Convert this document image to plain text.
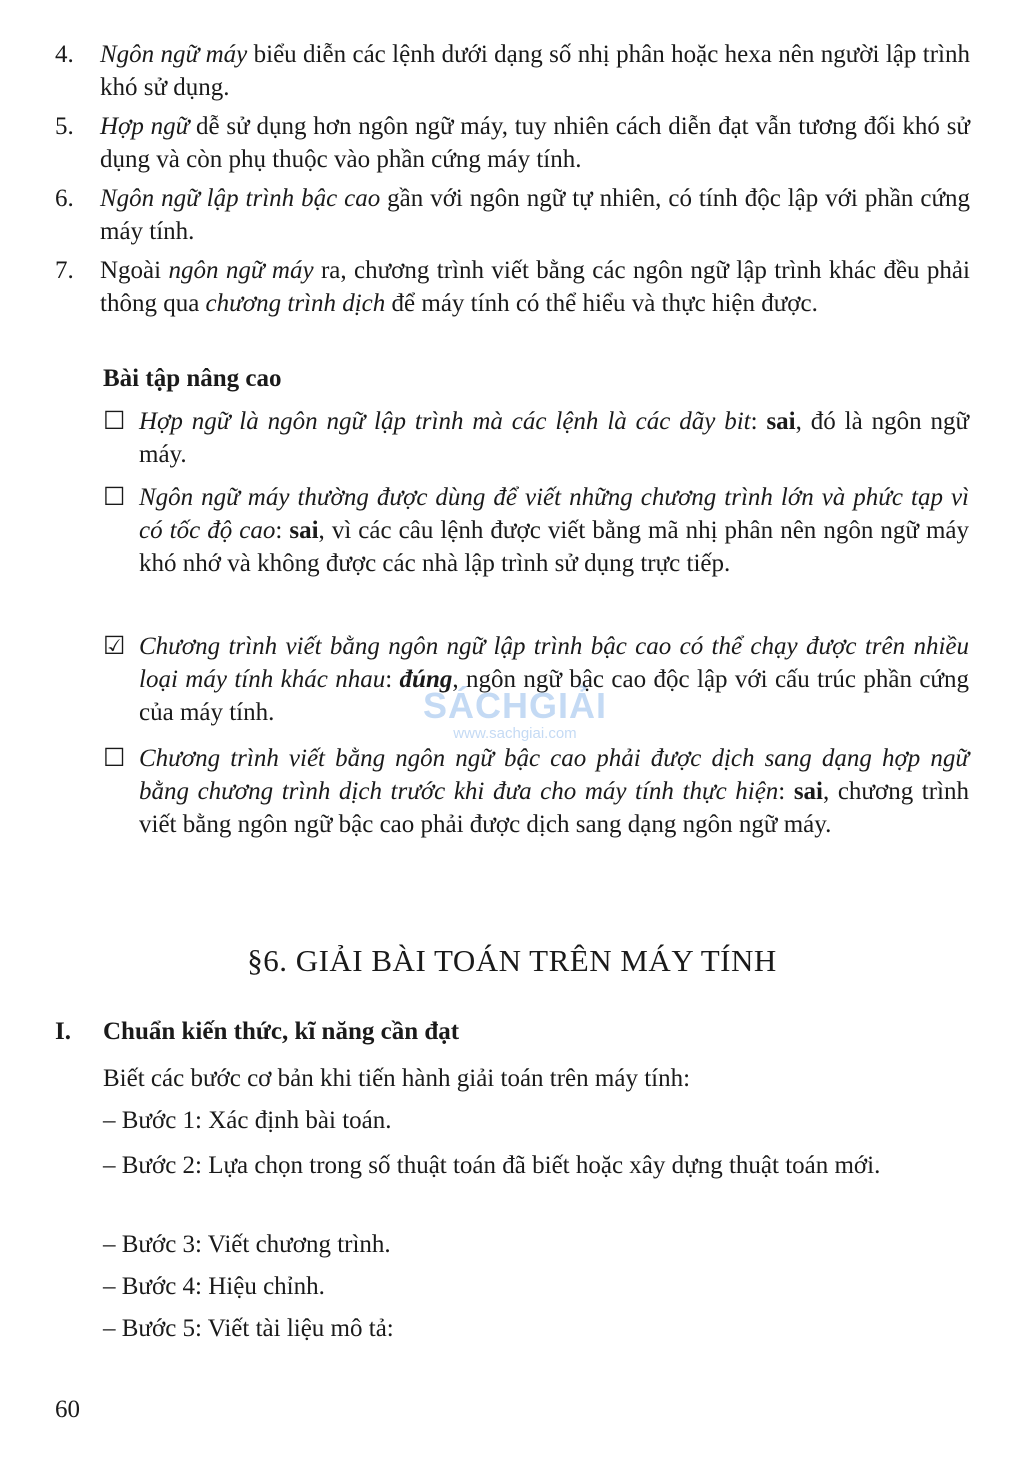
4.	Ngôn ngữ máy biểu diễn các lệnh dưới dạng số nhị phân hoặc hexa nên người lập trình khó sử dụng.
5.	Hợp ngữ dễ sử dụng hơn ngôn ngữ máy, tuy nhiên cách diễn đạt vẫn tương đối khó sử dụng và còn phụ thuộc vào phần cứng máy tính.
6.	Ngôn ngữ lập trình bậc cao gần với ngôn ngữ tự nhiên, có tính độc lập với phần cứng máy tính.
7.	Ngoài ngôn ngữ máy ra, chương trình viết bằng các ngôn ngữ lập trình khác đều phải thông qua chương trình dịch để máy tính có thể hiểu và thực hiện được.
Bài tập nâng cao
☐ Hợp ngữ là ngôn ngữ lập trình mà các lệnh là các dãy bit: sai, đó là ngôn ngữ máy.
☐ Ngôn ngữ máy thường được dùng để viết những chương trình lớn và phức tạp vì có tốc độ cao: sai, vì các câu lệnh được viết bằng mã nhị phân nên ngôn ngữ máy khó nhớ và không được các nhà lập trình sử dụng trực tiếp.
☑ Chương trình viết bằng ngôn ngữ lập trình bậc cao có thể chạy được trên nhiều loại máy tính khác nhau: đúng, ngôn ngữ bậc cao độc lập với cấu trúc phần cứng của máy tính.
☐ Chương trình viết bằng ngôn ngữ bậc cao phải được dịch sang dạng hợp ngữ bằng chương trình dịch trước khi đưa cho máy tính thực hiện: sai, chương trình viết bằng ngôn ngữ bậc cao phải được dịch sang dạng ngôn ngữ máy.
SÁCHGIẢI
www.sachgiai.com
§6. GIẢI BÀI TOÁN TRÊN MÁY TÍNH
I. Chuẩn kiến thức, kĩ năng cần đạt
Biết các bước cơ bản khi tiến hành giải toán trên máy tính:
– Bước 1: Xác định bài toán.
– Bước 2: Lựa chọn trong số thuật toán đã biết hoặc xây dựng thuật toán mới.
– Bước 3: Viết chương trình.
– Bước 4: Hiệu chỉnh.
– Bước 5: Viết tài liệu mô tả:
60
